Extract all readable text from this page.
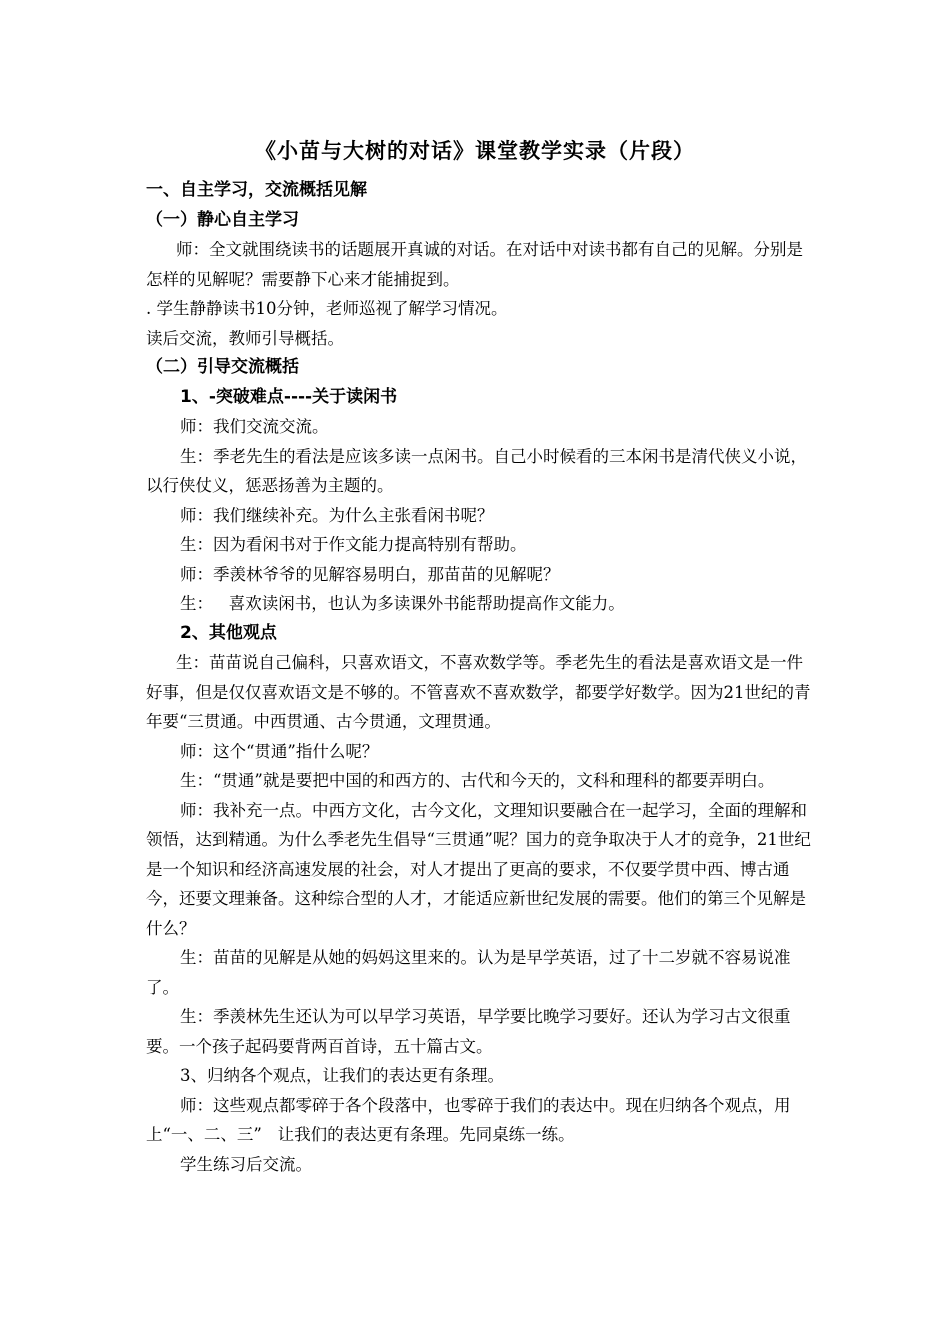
《小苗与大树的对话》课堂教学实录（片段）

一、自主学习，交流概括见解

（一）静心自主学习

师：全文就围绕读书的话题展开真诚的对话。在对话中对读书都有自己的见解。分别是怎样的见解呢？需要静下心来才能捕捉到。

. 学生静静读书10分钟，老师巡视了解学习情况。

读后交流，教师引导概括。

（二）引导交流概括

1、-突破难点----关于读闲书

师：我们交流交流。

生：季老先生的看法是应该多读一点闲书。自己小时候看的三本闲书是清代侠义小说，以行侠仗义，惩恶扬善为主题的。

师：我们继续补充。为什么主张看闲书呢？

生：因为看闲书对于作文能力提高特别有帮助。

师：季羡林爷爷的见解容易明白，那苗苗的见解呢？

生：   喜欢读闲书，也认为多读课外书能帮助提高作文能力。

2、其他观点

生：苗苗说自己偏科，只喜欢语文，不喜欢数学等。季老先生的看法是喜欢语文是一件好事，但是仅仅喜欢语文是不够的。不管喜欢不喜欢数学，都要学好数学。因为21世纪的青年要“三贯通。中西贯通、古今贯通，文理贯通。

师：这个“贯通”指什么呢？

生：“贯通”就是要把中国的和西方的、古代和今天的，文科和理科的都要弄明白。

师：我补充一点。中西方文化，古今文化，文理知识要融合在一起学习，全面的理解和领悟，达到精通。为什么季老先生倡导“三贯通”呢？国力的竞争取决于人才的竞争，21世纪是一个知识和经济高速发展的社会，对人才提出了更高的要求，不仅要学贯中西、博古通今，还要文理兼备。这种综合型的人才，才能适应新世纪发展的需要。他们的第三个见解是什么？

生：苗苗的见解是从她的妈妈这里来的。认为是早学英语，过了十二岁就不容易说准了。

生：季羡林先生还认为可以早学习英语，早学要比晚学习要好。还认为学习古文很重要。一个孩子起码要背两百首诗，五十篇古文。

3、归纳各个观点，让我们的表达更有条理。

师：这些观点都零碎于各个段落中，也零碎于我们的表达中。现在归纳各个观点，用上“一、二、三”   让我们的表达更有条理。先同桌练一练。

学生练习后交流。
